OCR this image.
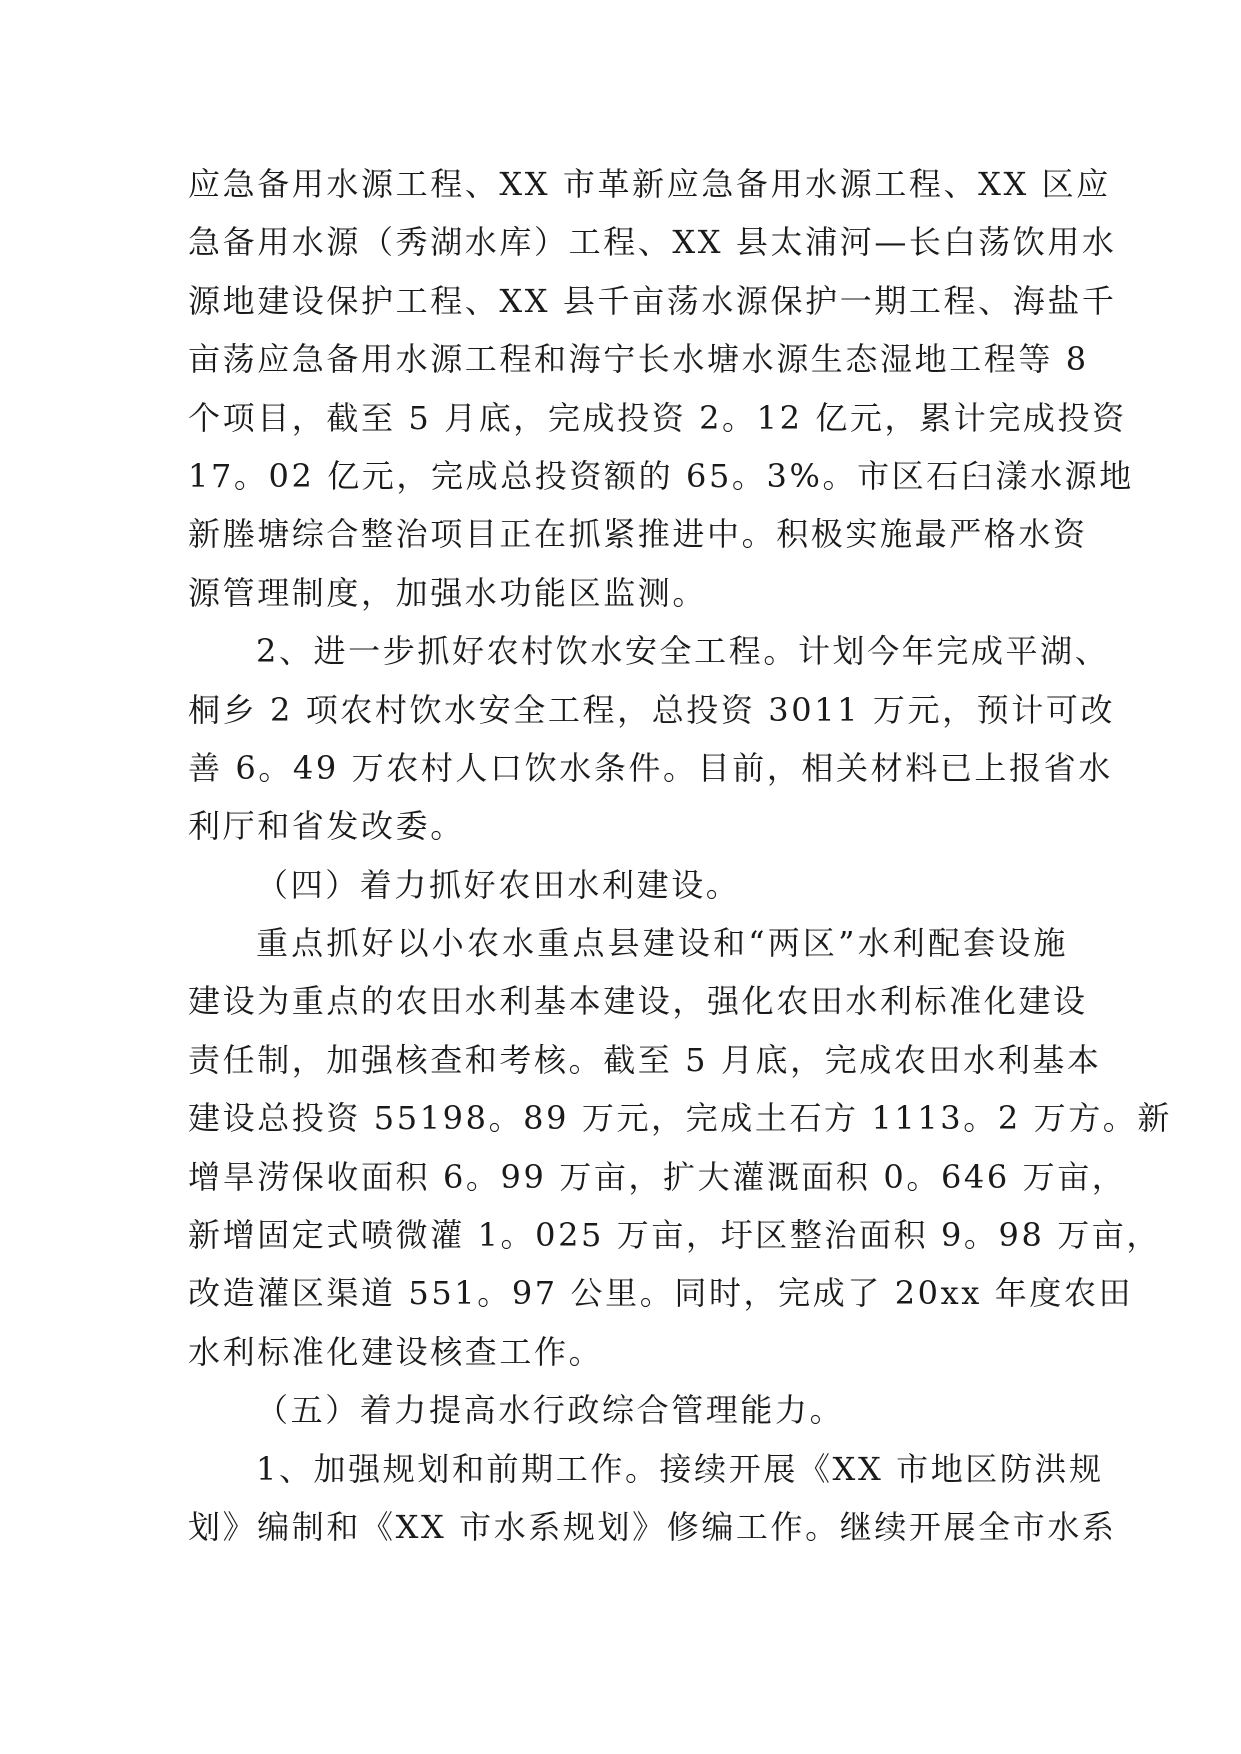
应急备用水源工程、XX 市革新应急备用水源工程、XX 区应
急备用水源（秀湖水库）工程、XX 县太浦河—长白荡饮用水
源地建设保护工程、XX 县千亩荡水源保护一期工程、海盐千
亩荡应急备用水源工程和海宁长水塘水源生态湿地工程等 8
个项目，截至 5 月底，完成投资 2。12 亿元，累计完成投资
17。02 亿元，完成总投资额的 65。3%。市区石臼漾水源地
新塍塘综合整治项目正在抓紧推进中。积极实施最严格水资
源管理制度，加强水功能区监测。
2、进一步抓好农村饮水安全工程。计划今年完成平湖、
桐乡 2 项农村饮水安全工程，总投资 3011 万元，预计可改
善 6。49 万农村人口饮水条件。目前，相关材料已上报省水
利厅和省发改委。
（四）着力抓好农田水利建设。
重点抓好以小农水重点县建设和“两区”水利配套设施
建设为重点的农田水利基本建设，强化农田水利标准化建设
责任制，加强核查和考核。截至 5 月底，完成农田水利基本
建设总投资 55198。89 万元，完成土石方 1113。2 万方。新
增旱涝保收面积 6。99 万亩，扩大灌溉面积 0。646 万亩，
新增固定式喷微灌 1。025 万亩，圩区整治面积 9。98 万亩，
改造灌区渠道 551。97 公里。同时，完成了 20xx 年度农田
水利标准化建设核查工作。
（五）着力提高水行政综合管理能力。
1、加强规划和前期工作。接续开展《XX 市地区防洪规
划》编制和《XX 市水系规划》修编工作。继续开展全市水系
